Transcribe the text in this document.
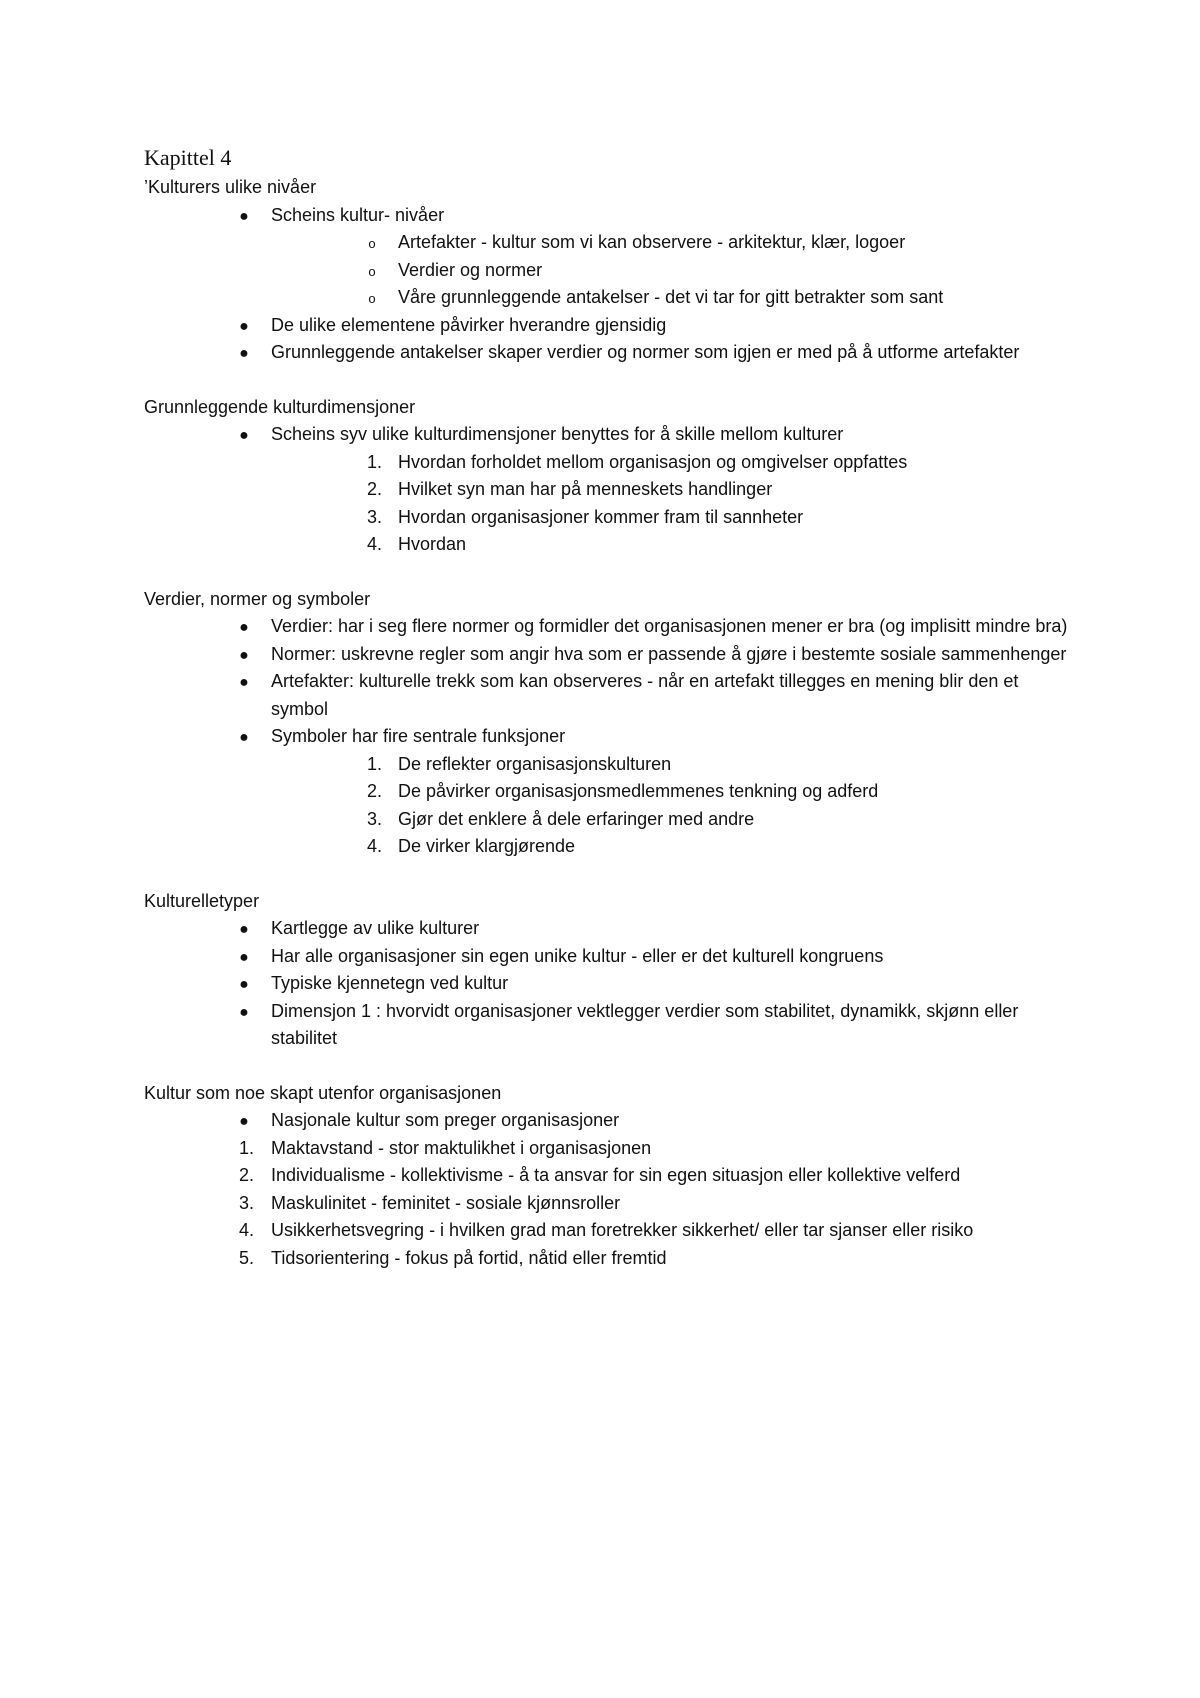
Kapittel 4

’Kulturers ulike nivåer

● Scheins kultur- nivåer
o	Artefakter - kultur som vi kan observere - arkitektur, klær, logoer
o	Verdier og normer
o	Våre grunnleggende antakelser - det vi tar for gitt betrakter som sant
● De ulike elementene påvirker hverandre gjensidig
● Grunnleggende antakelser skaper verdier og normer som igjen er med på å utforme artefakter

Grunnleggende kulturdimensjoner

● Scheins syv ulike kulturdimensjoner benyttes for å skille mellom kulturer
1. Hvordan forholdet mellom organisasjon og omgivelser oppfattes
2. Hvilket syn man har på menneskets handlinger
3. Hvordan organisasjoner kommer fram til sannheter
4. Hvordan

Verdier, normer og symboler

● Verdier: har i seg flere normer og formidler det organisasjonen mener er bra (og implisitt mindre bra)
● Normer: uskrevne regler som angir hva som er passende å gjøre i bestemte sosiale sammenhenger
● Artefakter: kulturelle trekk som kan observeres - når en artefakt tillegges en mening blir den et symbol
● Symboler har fire sentrale funksjoner
1. De reflekter organisasjonskulturen
2. De påvirker organisasjonsmedlemmenes tenkning og adferd
3. Gjør det enklere å dele erfaringer med andre
4. De virker klargjørende

Kulturelletyper

● Kartlegge av ulike kulturer
● Har alle organisasjoner sin egen unike kultur - eller er det kulturell kongruens
● Typiske kjennetegn ved kultur
● Dimensjon 1 : hvorvidt organisasjoner vektlegger verdier som stabilitet, dynamikk, skjønn eller stabilitet

Kultur som noe skapt utenfor organisasjonen

● Nasjonale kultur som preger organisasjoner
1. Maktavstand - stor maktulikhet i organisasjonen
2. Individualisme - kollektivisme - å ta ansvar for sin egen situasjon eller kollektive velferd
3. Maskulinitet - feminitet - sosiale kjønnsroller
4. Usikkerhetsvegring - i hvilken grad man foretrekker sikkerhet/ eller tar sjanser eller risiko
5. Tidsorientering - fokus på fortid, nåtid eller fremtid
